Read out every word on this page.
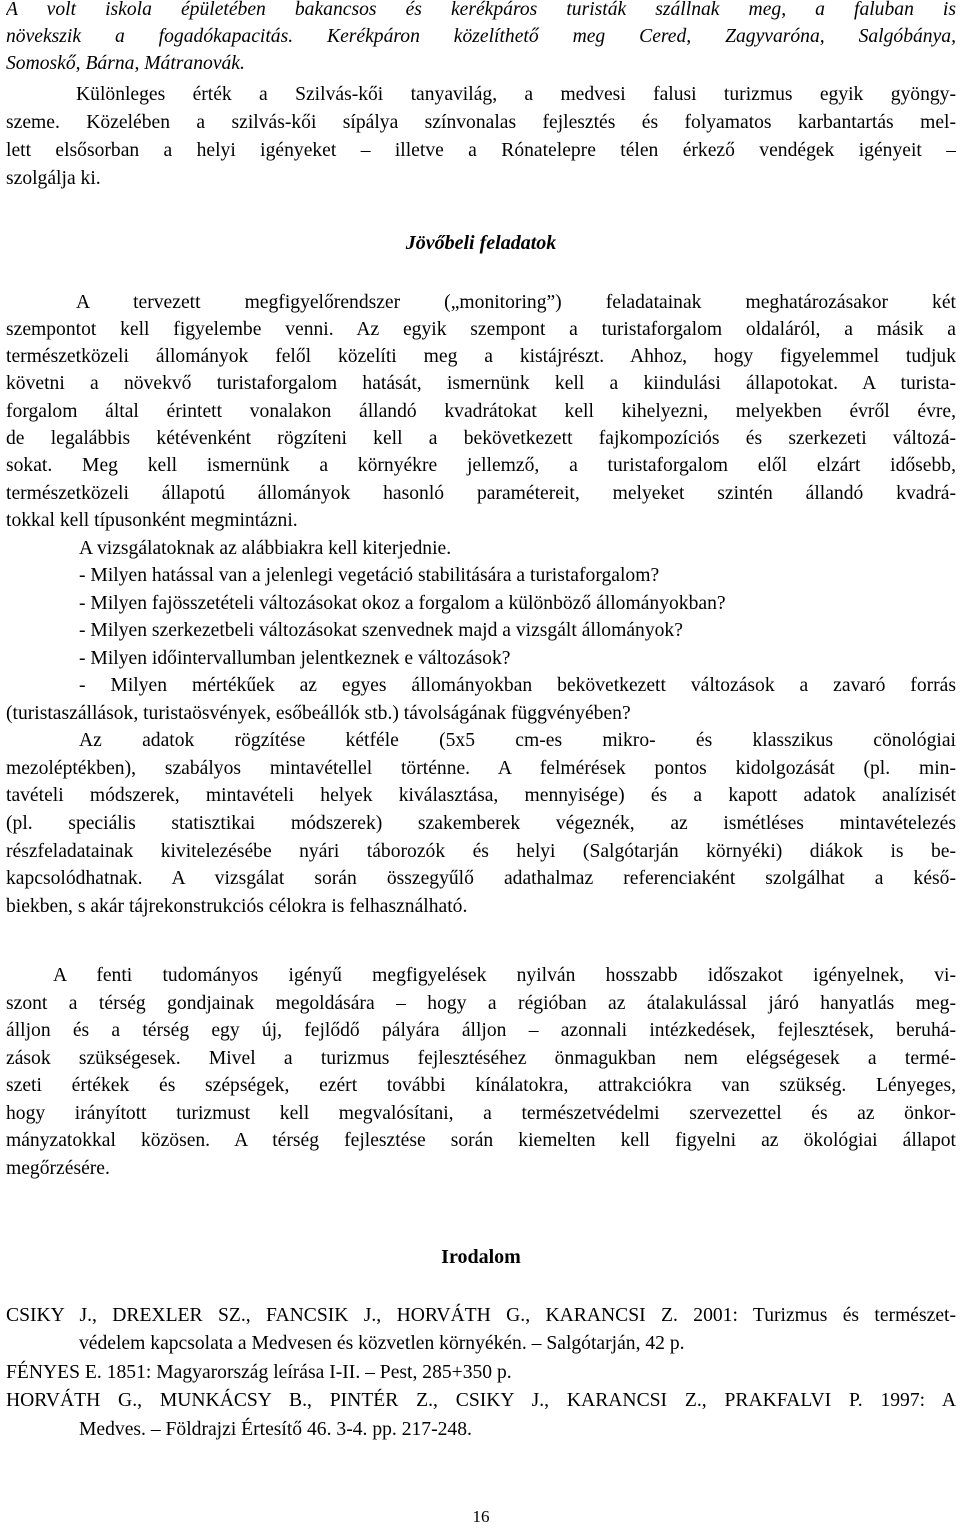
A volt iskola épületében bakancsos és kerékpáros turisták szállnak meg, a faluban is
növekszik a fogadókapacitás. Kerékpáron közelíthető meg Cered, Zagyvaróna, Salgóbánya,
Somoskő, Bárna, Mátranovák.
Különleges érték a Szilvás-kői tanyavilág, a medvesi falusi turizmus egyik gyöngy-
szeme. Közelében a szilvás-kői sípálya színvonalas fejlesztés és folyamatos karbantartás mel-
lett elsősorban a helyi igényeket – illetve a Rónatelepre télen érkező vendégek igényeit –
szolgálja ki.
Jövőbeli feladatok
A tervezett megfigyelőrendszer („monitoring”) feladatainak meghatározásakor két
szempontot kell figyelembe venni. Az egyik szempont a turistaforgalom oldaláról, a másik a
természetközeli állományok felől közelíti meg a kistájrészt. Ahhoz, hogy figyelemmel tudjuk
követni a növekvő turistaforgalom hatását, ismernünk kell a kiindulási állapotokat. A turista-
forgalom által érintett vonalakon állandó kvadrátokat kell kihelyezni, melyekben évről évre,
de legalábbis kétévenként rögzíteni kell a bekövetkezett fajkompozíciós és szerkezeti változá-
sokat. Meg kell ismernünk a környékre jellemző, a turistaforgalom elől elzárt idősebb,
természetközeli állapotú állományok hasonló paramétereit, melyeket szintén állandó kvadrá-
tokkal kell típusonként megmintázni.
A vizsgálatoknak az alábbiakra kell kiterjednie.
- Milyen hatással van a jelenlegi vegetáció stabilitására a turistaforgalom?
- Milyen fajösszetételi változásokat okoz a forgalom a különböző állományokban?
- Milyen szerkezetbeli változásokat szenvednek majd a vizsgált állományok?
- Milyen időintervallumban jelentkeznek e változások?
- Milyen mértékűek az egyes állományokban bekövetkezett változások a zavaró forrás
(turistaszállások, turistaösvények, esőbeállók stb.) távolságának függvényében?
Az adatok rögzítése kétféle (5x5 cm-es mikro- és klasszikus cönológiai
mezoléptékben), szabályos mintavétellel történne. A felmérések pontos kidolgozását (pl. min-
tavételi módszerek, mintavételi helyek kiválasztása, mennyisége) és a kapott adatok analízisét
(pl. speciális statisztikai módszerek) szakemberek végeznék, az ismétléses mintavételezés
részfeladatainak kivitelezésébe nyári táborozók és helyi (Salgótarján környéki) diákok is be-
kapcsolódhatnak. A vizsgálat során összegyűlő adathalmaz referenciaként szolgálhat a késő-
biekben, s akár tájrekonstrukciós célokra is felhasználható.
A fenti tudományos igényű megfigyelések nyilván hosszabb időszakot igényelnek, vi-
szont a térség gondjainak megoldására – hogy a régióban az átalakulással járó hanyatlás meg-
álljon és a térség egy új, fejlődő pályára álljon – azonnali intézkedések, fejlesztések, beruhá-
zások szükségesek. Mivel a turizmus fejlesztéséhez önmagukban nem elégségesek a termé-
szeti értékek és szépségek, ezért további kínálatokra, attrakciókra van szükség. Lényeges,
hogy irányított turizmust kell megvalósítani, a természetvédelmi szervezettel és az önkor-
mányzatokkal közösen. A térség fejlesztése során kiemelten kell figyelni az ökológiai állapot
megőrzésére.
Irodalom
CSIKY J., DREXLER SZ., FANCSIK J., HORVÁTH G., KARANCSI Z. 2001: Turizmus és természet-
védelem kapcsolata a Medvesen és közvetlen környékén. – Salgótarján, 42 p.
FÉNYES E. 1851: Magyarország leírása I-II. – Pest, 285+350 p.
HORVÁTH G., MUNKÁCSY B., PINTÉR Z., CSIKY J., KARANCSI Z., PRAKFALVI P. 1997: A
Medves. – Földrajzi Értesítő 46. 3-4. pp. 217-248.
16
